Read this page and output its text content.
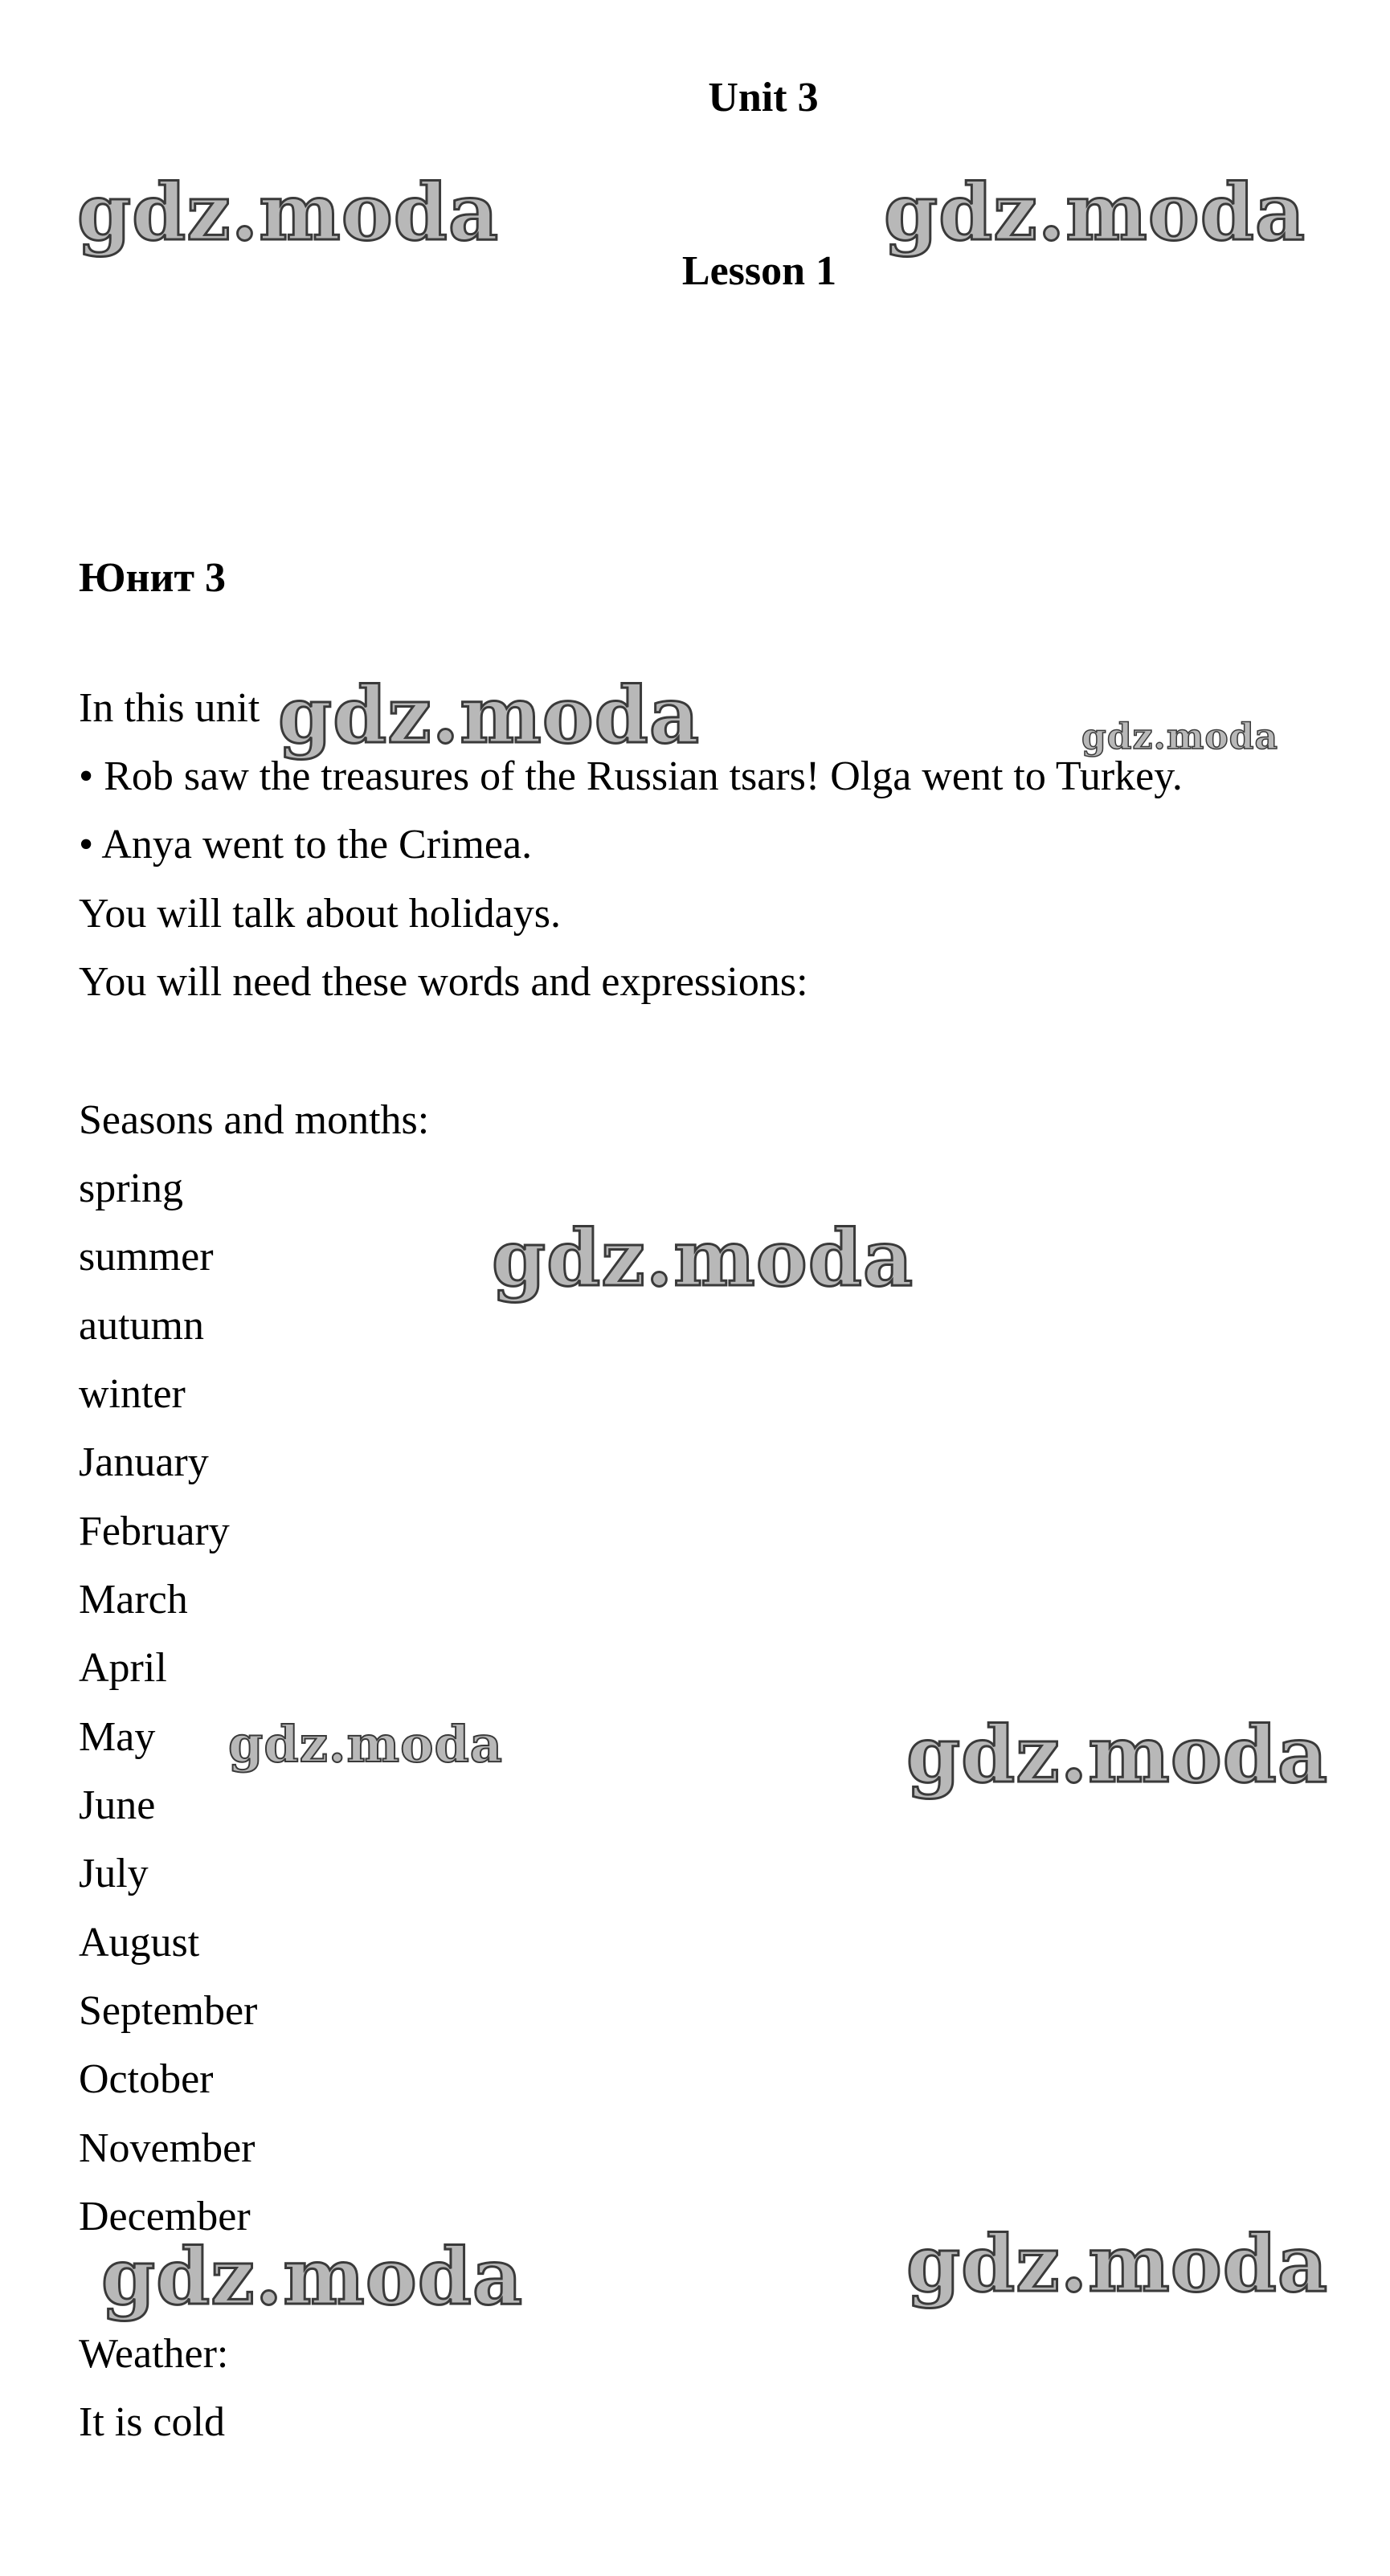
Unit 3
Lesson 1
Юнит 3

In this unit

• Rob saw the treasures of the Russian tsars! Olga went to Turkey.

• Anya went to the Crimea.

You will talk about holidays.

You will need these words and expressions:

Seasons and months:

spring

summer

autumn

winter

January

February

March

April

May

June

July

August

September

October

November

December

Weather:

It is cold

gdz.moda	gdz.moda
gdz.moda	gdz.moda
gdz.moda
gdz.moda	gdz.moda
gdz.moda	gdz.moda
